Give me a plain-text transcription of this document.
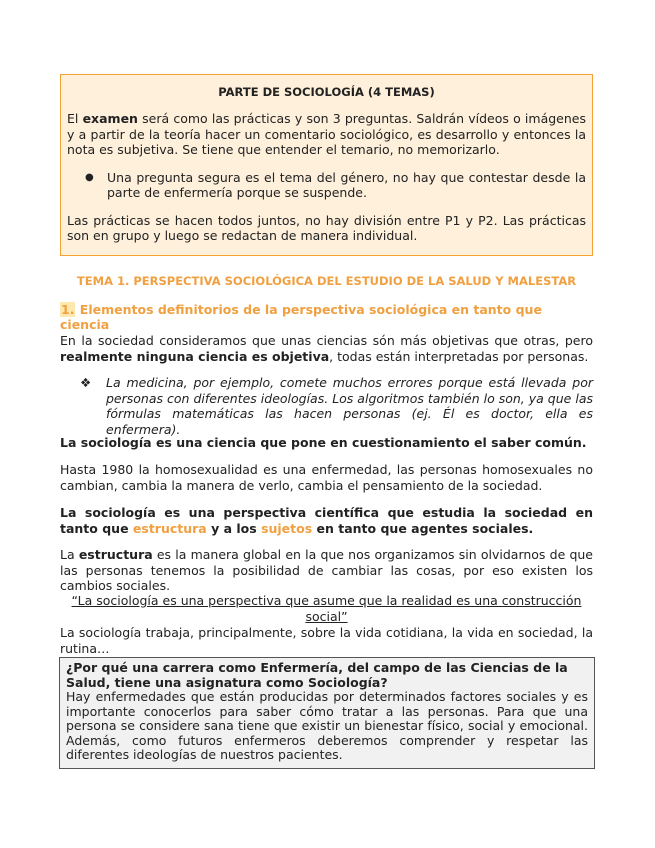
PARTE DE SOCIOLOGÍA (4 TEMAS)

El examen será como las prácticas y son 3 preguntas. Saldrán vídeos o imágenes y a partir de la teoría hacer un comentario sociológico, es desarrollo y entonces la nota es subjetiva. Se tiene que entender el temario, no memorizarlo.

●	Una pregunta segura es el tema del género, no hay que contestar desde la parte de enfermería porque se suspende.

Las prácticas se hacen todos juntos, no hay división entre P1 y P2. Las prácticas son en grupo y luego se redactan de manera individual.

TEMA 1. PERSPECTIVA SOCIOLÓGICA DEL ESTUDIO DE LA SALUD Y MALESTAR
1. Elementos definitorios de la perspectiva sociológica en tanto que ciencia

En la sociedad consideramos que unas ciencias són más objetivas que otras, pero realmente ninguna ciencia es objetiva, todas están interpretadas por personas.

❖	La medicina, por ejemplo, comete muchos errores porque está llevada por personas con diferentes ideologías. Los algoritmos también lo son, ya que las fórmulas matemáticas las hacen personas (ej. Él es doctor, ella es enfermera).

La sociología es una ciencia que pone en cuestionamiento el saber común.

Hasta 1980 la homosexualidad es una enfermedad, las personas homosexuales no cambian, cambia la manera de verlo, cambia el pensamiento de la sociedad.

La sociología es una perspectiva científica que estudia la sociedad en tanto que estructura y a los sujetos en tanto que agentes sociales.

La estructura es la manera global en la que nos organizamos sin olvidarnos de que las personas tenemos la posibilidad de cambiar las cosas, por eso existen los cambios sociales.

“La sociología es una perspectiva que asume que la realidad es una construcción social”

La sociología trabaja, principalmente, sobre la vida cotidiana, la vida en sociedad, la rutina…

¿Por qué una carrera como Enfermería, del campo de las Ciencias de la Salud, tiene una asignatura como Sociología?
Hay enfermedades que están producidas por determinados factores sociales y es importante conocerlos para saber cómo tratar a las personas. Para que una persona se considere sana tiene que existir un bienestar físico, social y emocional. Además, como futuros enfermeros deberemos comprender y respetar las diferentes ideologías de nuestros pacientes.
